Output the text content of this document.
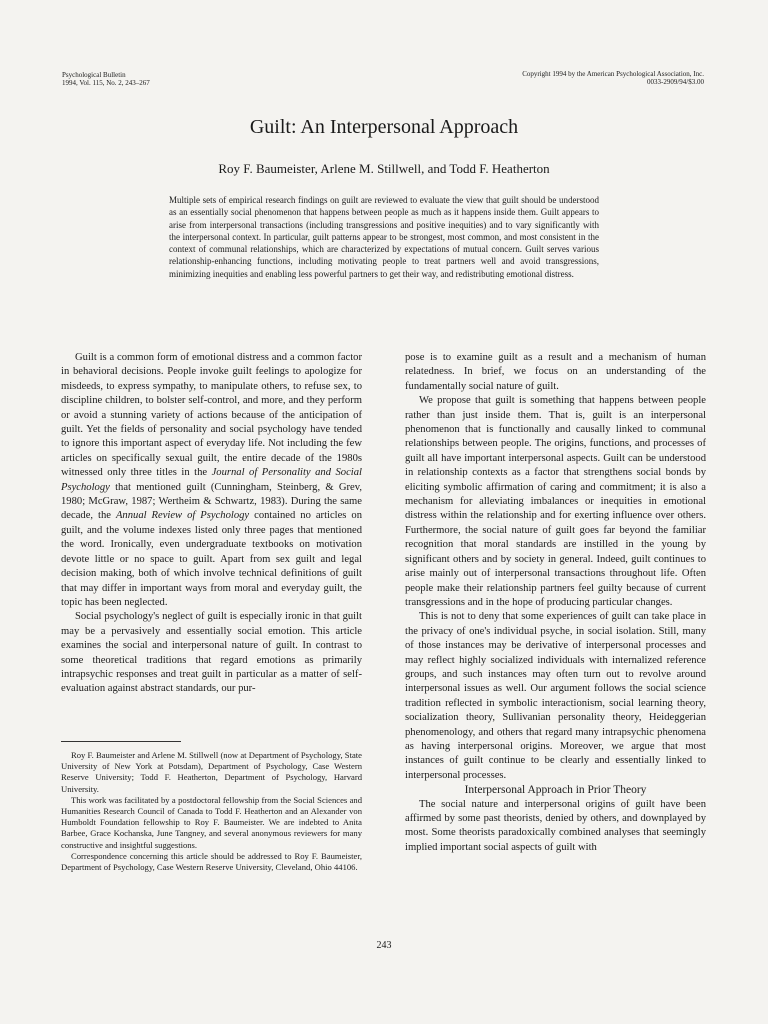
Psychological Bulletin
1994, Vol. 115, No. 2, 243–267
Copyright 1994 by the American Psychological Association, Inc.
0033-2909/94/$3.00
Guilt: An Interpersonal Approach
Roy F. Baumeister, Arlene M. Stillwell, and Todd F. Heatherton
Multiple sets of empirical research findings on guilt are reviewed to evaluate the view that guilt should be understood as an essentially social phenomenon that happens between people as much as it happens inside them. Guilt appears to arise from interpersonal transactions (including transgressions and positive inequities) and to vary significantly with the interpersonal context. In particular, guilt patterns appear to be strongest, most common, and most consistent in the context of communal relationships, which are characterized by expectations of mutual concern. Guilt serves various relationship-enhancing functions, including motivating people to treat partners well and avoid transgressions, minimizing inequities and enabling less powerful partners to get their way, and redistributing emotional distress.

Guilt is a common form of emotional distress and a common factor in behavioral decisions. People invoke guilt feelings to apologize for misdeeds, to express sympathy, to manipulate others, to refuse sex, to discipline children, to bolster self-control, and more, and they perform or avoid a stunning variety of actions because of the anticipation of guilt. Yet the fields of personality and social psychology have tended to ignore this important aspect of everyday life. Not including the few articles on specifically sexual guilt, the entire decade of the 1980s witnessed only three titles in the Journal of Personality and Social Psychology that mentioned guilt (Cunningham, Steinberg, & Grev, 1980; McGraw, 1987; Wertheim & Schwartz, 1983). During the same decade, the Annual Review of Psychology contained no articles on guilt, and the volume indexes listed only three pages that mentioned the word. Ironically, even undergraduate textbooks on motivation devote little or no space to guilt. Apart from sex guilt and legal decision making, both of which involve technical definitions of guilt that may differ in important ways from moral and everyday guilt, the topic has been neglected.

Social psychology's neglect of guilt is especially ironic in that guilt may be a pervasively and essentially social emotion. This article examines the social and interpersonal nature of guilt. In contrast to some theoretical traditions that regard emotions as primarily intrapsychic responses and treat guilt in particular as a matter of self-evaluation against abstract standards, our pur-

Roy F. Baumeister and Arlene M. Stillwell (now at Department of Psychology, State University of New York at Potsdam), Department of Psychology, Case Western Reserve University; Todd F. Heatherton, Department of Psychology, Harvard University.

This work was facilitated by a postdoctoral fellowship from the Social Sciences and Humanities Research Council of Canada to Todd F. Heatherton and an Alexander von Humboldt Foundation fellowship to Roy F. Baumeister. We are indebted to Anita Barbee, Grace Kochanska, June Tangney, and several anonymous reviewers for many constructive and insightful suggestions.

Correspondence concerning this article should be addressed to Roy F. Baumeister, Department of Psychology, Case Western Reserve University, Cleveland, Ohio 44106.

pose is to examine guilt as a result and a mechanism of human relatedness. In brief, we focus on an understanding of the fundamentally social nature of guilt.

We propose that guilt is something that happens between people rather than just inside them. That is, guilt is an interpersonal phenomenon that is functionally and causally linked to communal relationships between people. The origins, functions, and processes of guilt all have important interpersonal aspects. Guilt can be understood in relationship contexts as a factor that strengthens social bonds by eliciting symbolic affirmation of caring and commitment; it is also a mechanism for alleviating imbalances or inequities in emotional distress within the relationship and for exerting influence over others. Furthermore, the social nature of guilt goes far beyond the familiar recognition that moral standards are instilled in the young by significant others and by society in general. Indeed, guilt continues to arise mainly out of interpersonal transactions throughout life. Often people make their relationship partners feel guilty because of current transgressions and in the hope of producing particular changes.

This is not to deny that some experiences of guilt can take place in the privacy of one's individual psyche, in social isolation. Still, many of those instances may be derivative of interpersonal processes and may reflect highly socialized individuals with internalized reference groups, and such instances may often turn out to revolve around interpersonal issues as well. Our argument follows the social science tradition reflected in symbolic interactionism, social learning theory, socialization theory, Sullivanian personality theory, Heideggerian phenomenology, and others that regard many intrapsychic phenomena as having interpersonal origins. Moreover, we argue that most instances of guilt continue to be clearly and essentially linked to interpersonal processes.

Interpersonal Approach in Prior Theory

The social nature and interpersonal origins of guilt have been affirmed by some past theorists, denied by others, and downplayed by most. Some theorists paradoxically combined analyses that seemingly implied important social aspects of guilt with

243
